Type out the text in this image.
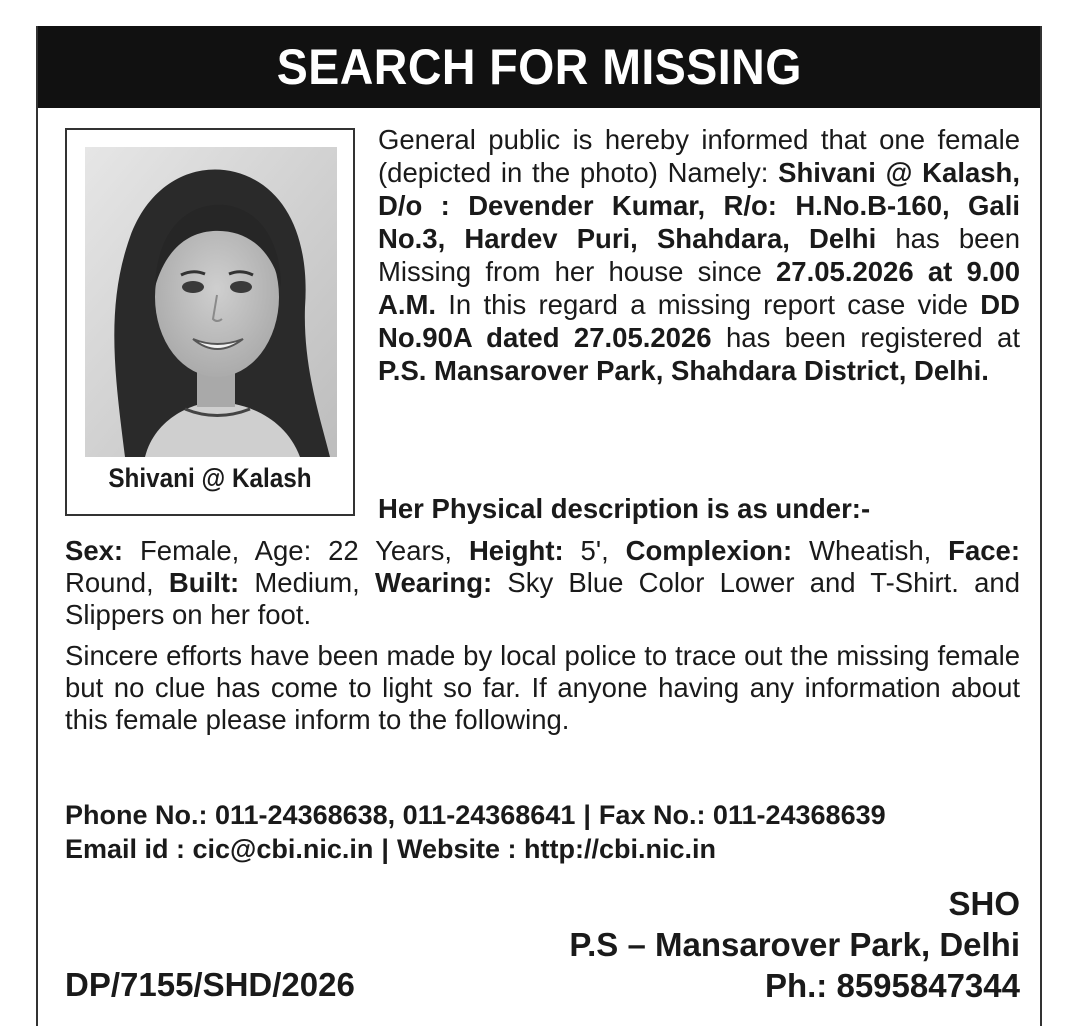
SEARCH FOR MISSING
Shivani @ Kalash
General public is hereby informed that one female (depicted in the photo) Namely: Shivani @ Kalash, D/o : Devender Kumar, R/o: H.No.B-160, Gali No.3, Hardev Puri, Shahdara, Delhi has been Missing from her house since 27.05.2026 at 9.00 A.M. In this regard a missing report case vide DD No.90A dated 27.05.2026 has been registered at P.S. Mansarover Park, Shahdara District, Delhi.
Her Physical description is as under:-
Sex: Female, Age: 22 Years, Height: 5', Complexion: Wheatish, Face: Round, Built: Medium, Wearing: Sky Blue Color Lower and T-Shirt. and Slippers on her foot.
Sincere efforts have been made by local police to trace out the missing female but no clue has come to light so far. If anyone having any information about this female please inform to the following.
Phone No.: 011-24368638, 011-24368641 | Fax No.: 011-24368639
Email id : cic@cbi.nic.in | Website : http://cbi.nic.in
SHO
P.S – Mansarover Park, Delhi
Ph.: 8595847344
DP/7155/SHD/2026
